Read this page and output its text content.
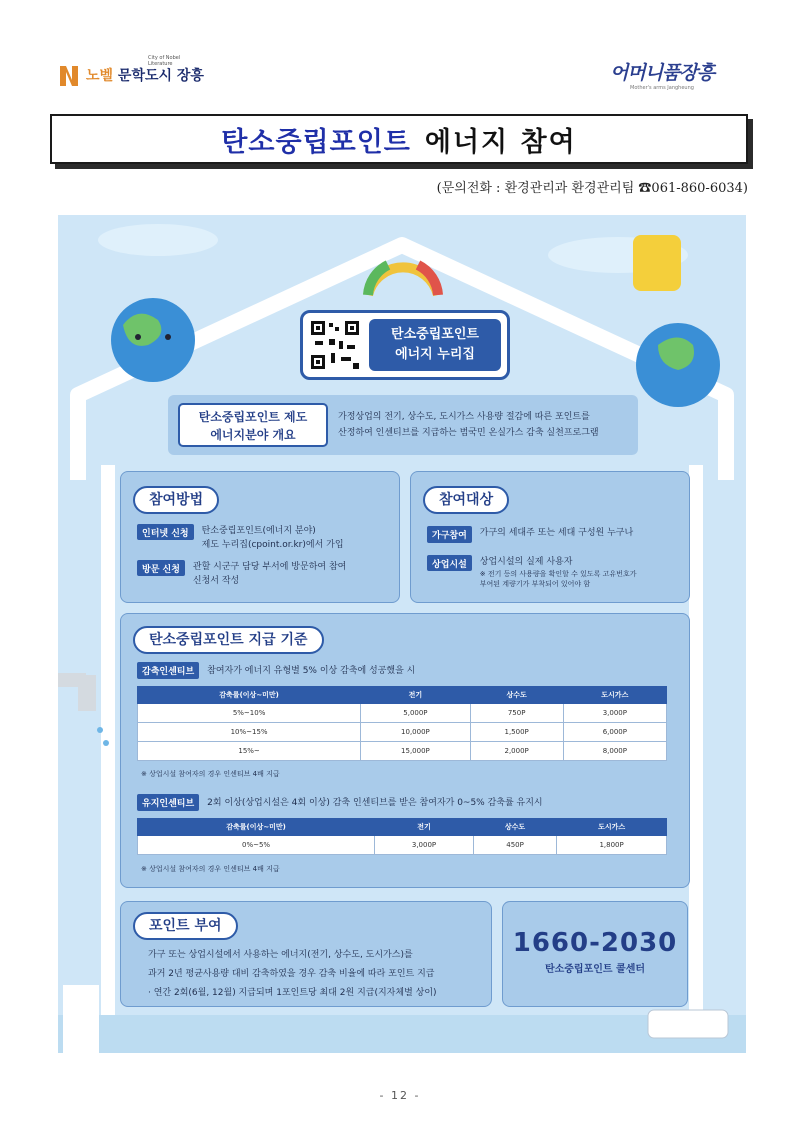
City of Nobel Literature
노벨 문학도시 장흥	어머니품장흥
Mother's arms Jangheung
탄소중립포인트 에너지 참여
(문의전화 : 환경관리과 환경관리팀 ☎061-860-6034)
탄소중립포인트
에너지 누리집
탄소중립포인트 제도
에너지분야 개요
가정상업의 전기, 상수도, 도시가스 사용량 절감에 따른 포인트를
산정하여 인센티브를 지급하는 범국민 온실가스 감축 실천프로그램
참여방법
인터넷 신청	탄소중립포인트(에너지 분야)
제도 누리집(cpoint.or.kr)에서 가입
방문 신청	관할 시군구 담당 부서에 방문하여 참여
신청서 작성
참여대상
가구참여	가구의 세대주 또는 세대 구성원 누구나
상업시설	상업시설의 실제 사용자
※ 전기 등의 사용량을 확인할 수 있도록 고유번호가
부여된 계량기가 부착되어 있어야 함
탄소중립포인트 지급 기준
감축인센티브	참여자가 에너지 유형별 5% 이상 감축에 성공했을 시
감축률(이상~미만)	전기	상수도	도시가스
5%~10%	5,000P	750P	3,000P
10%~15%	10,000P	1,500P	6,000P
15%~	15,000P	2,000P	8,000P
※ 상업시설 참여자의 경우 인센티브 4배 지급
유지인센티브	2회 이상(상업시설은 4회 이상) 감축 인센티브를 받은 참여자가 0~5% 감축률 유지시
감축률(이상~미만)	전기	상수도	도시가스
0%~5%	3,000P	450P	1,800P
※ 상업시설 참여자의 경우 인센티브 4배 지급
포인트 부여
가구 또는 상업시설에서 사용하는 에너지(전기, 상수도, 도시가스)를
과거 2년 평균사용량 대비 감축하였을 경우 감축 비율에 따라 포인트 지급
· 연간 2회(6월, 12월) 지급되며 1포인트당 최대 2원 지급(지자체별 상이)
1660-2030
탄소중립포인트 콜센터
- 12 -
